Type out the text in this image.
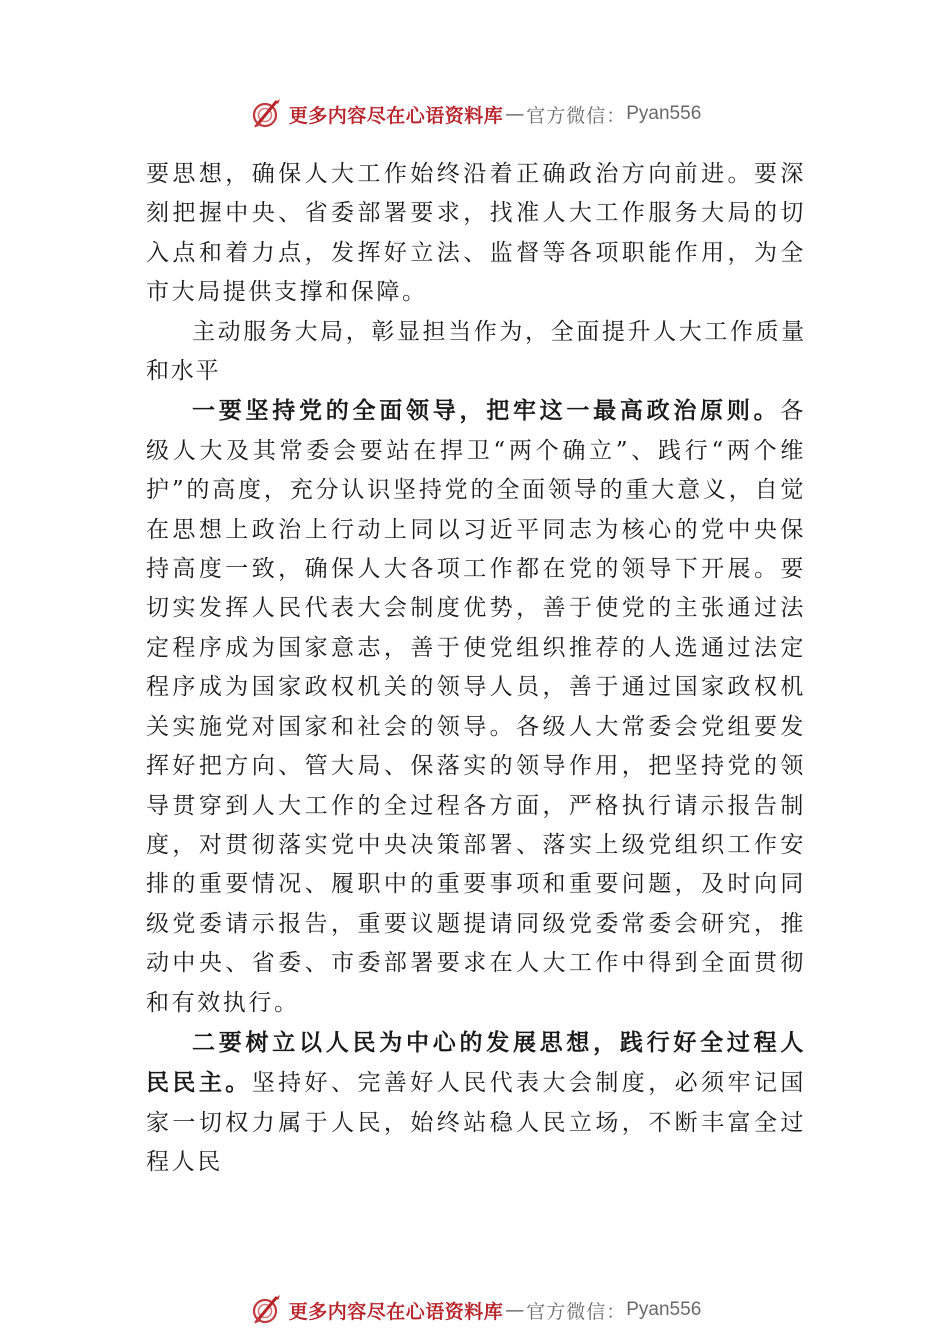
更多内容尽在心语资料库 — 官方微信： Pyan556

要思想，确保人大工作始终沿着正确政治方向前进。要深刻把握中央、省委部署要求，找准人大工作服务大局的切入点和着力点，发挥好立法、监督等各项职能作用，为全市大局提供支撑和保障。

主动服务大局，彰显担当作为，全面提升人大工作质量和水平

一要坚持党的全面领导，把牢这一最高政治原则。各级人大及其常委会要站在捍卫“两个确立”、践行“两个维护”的高度，充分认识坚持党的全面领导的重大意义，自觉在思想上政治上行动上同以习近平同志为核心的党中央保持高度一致，确保人大各项工作都在党的领导下开展。要切实发挥人民代表大会制度优势，善于使党的主张通过法定程序成为国家意志，善于使党组织推荐的人选通过法定程序成为国家政权机关的领导人员，善于通过国家政权机关实施党对国家和社会的领导。各级人大常委会党组要发挥好把方向、管大局、保落实的领导作用，把坚持党的领导贯穿到人大工作的全过程各方面，严格执行请示报告制度，对贯彻落实党中央决策部署、落实上级党组织工作安排的重要情况、履职中的重要事项和重要问题，及时向同级党委请示报告，重要议题提请同级党委常委会研究，推动中央、省委、市委部署要求在人大工作中得到全面贯彻和有效执行。

二要树立以人民为中心的发展思想，践行好全过程人民民主。坚持好、完善好人民代表大会制度，必须牢记国家一切权力属于人民，始终站稳人民立场，不断丰富全过程人民

更多内容尽在心语资料库 — 官方微信： Pyan556
